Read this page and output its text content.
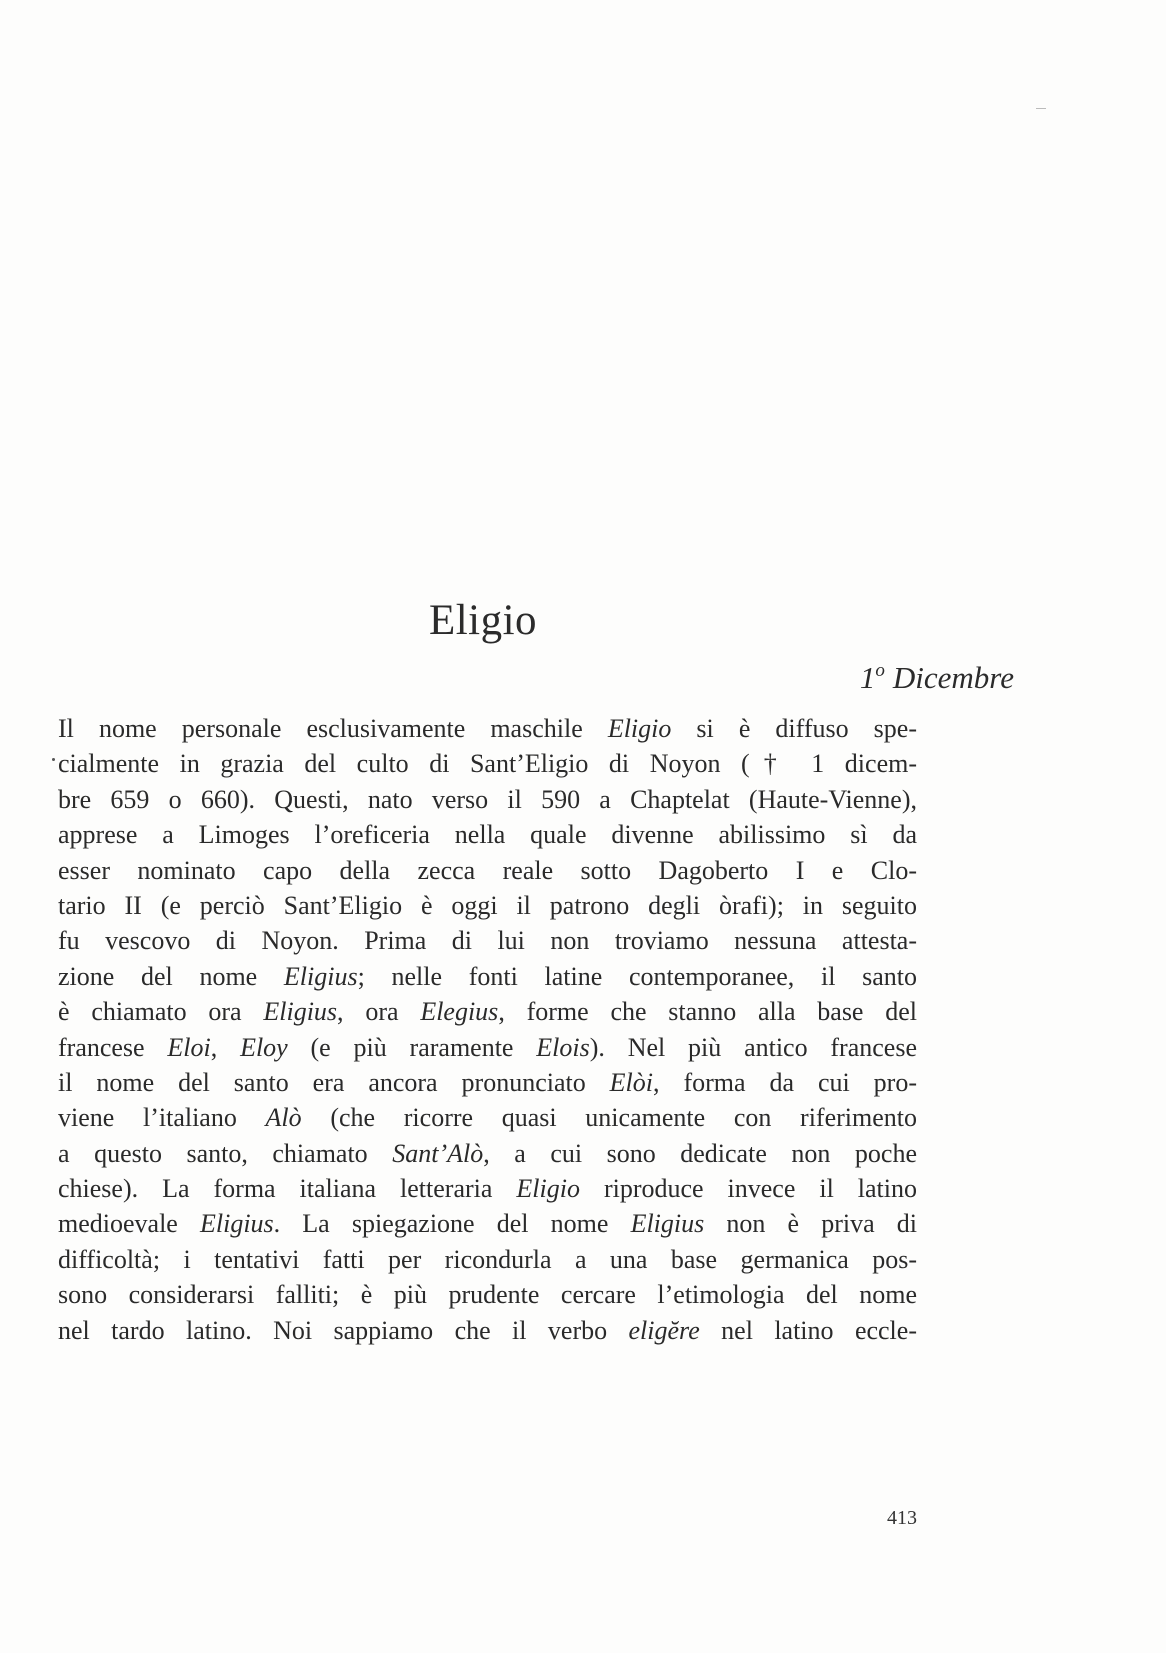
Eligio
1 o Dicembre
Il nome personale esclusivamente maschile Eligio si è diffuso spe-
cialmente in grazia del culto di Sant’Eligio di Noyon († 1 dicem-
bre 659 o 660). Questi, nato verso il 590 a Chaptelat (Haute-Vienne),
apprese a Limoges l’oreficeria nella quale divenne abilissimo sì da
esser nominato capo della zecca reale sotto Dagoberto I e Clo-
tario II (e perciò Sant’Eligio è oggi il patrono degli òrafi); in seguito
fu vescovo di Noyon. Prima di lui non troviamo nessuna attesta-
zione del nome Eligius; nelle fonti latine contemporanee, il santo
è chiamato ora Eligius, ora Elegius, forme che stanno alla base del
francese Eloi, Eloy (e più raramente Elois). Nel più antico francese
il nome del santo era ancora pronunciato Elòi, forma da cui pro-
viene l’italiano Alò (che ricorre quasi unicamente con riferimento
a questo santo, chiamato Sant’Alò, a cui sono dedicate non poche
chiese). La forma italiana letteraria Eligio riproduce invece il latino
medioevale Eligius. La spiegazione del nome Eligius non è priva di
difficoltà; i tentativi fatti per ricondurla a una base germanica pos-
sono considerarsi falliti; è più prudente cercare l’etimologia del nome
nel tardo latino. Noi sappiamo che il verbo eligĕre nel latino eccle-
413
